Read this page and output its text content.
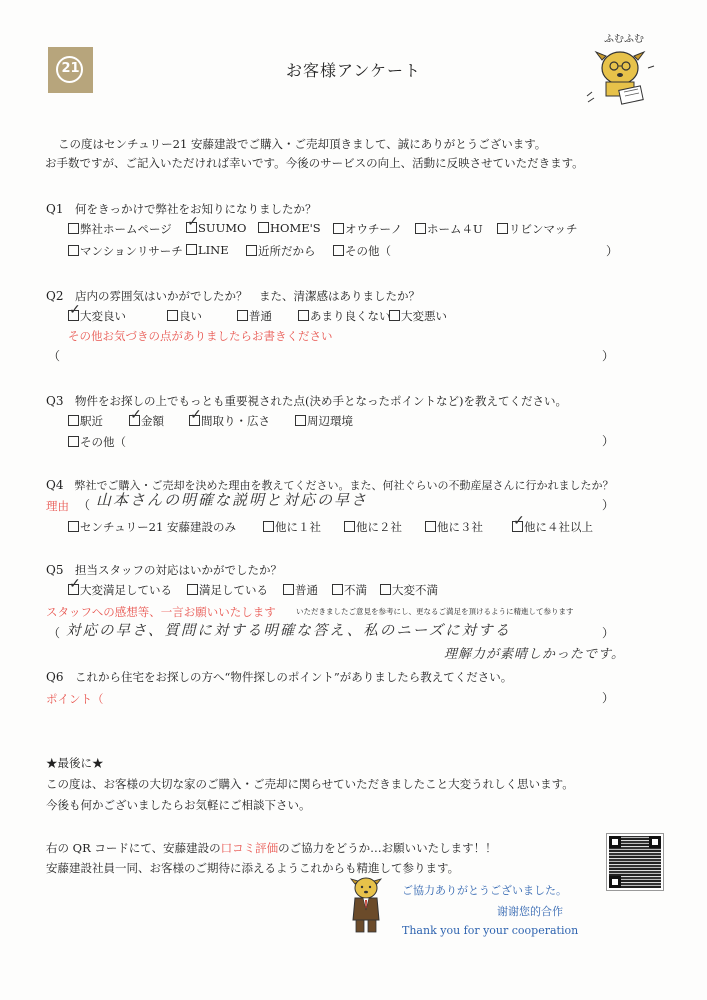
21	お客様アンケート
ふむふむ
この度はセンチュリー21 安藤建設でご購入・ご売却頂きまして、誠にありがとうございます。
お手数ですが、ご記入いただければ幸いです。今後のサービスの向上、活動に反映させていただきます。
Q1　 何をきっかけで弊社をお知りになりましたか？
弊社ホームページ ✓	SUUMO	HOME'S	オウチーノ	ホーム４U	リビンマッチ
マンションリサーチ	LINE	近所だから	その他（	）
Q2　 店内の雰囲気はいかがでしたか？　また、清潔感はありましたか？
✓大変良い	良い	普通	あまり良くない 大変悪い
その他お気づきの点がありましたらお書きください
（	）
Q3　 物件をお探しの上でもっとも重要視された点(決め手となったポイントなど)を教えてください。
駅近 ✓	金額 ✓	間取り・広さ	周辺環境
その他（	）
Q4　 弊社でご購入・ご売却を決めた理由を教えてください。また、何社ぐらいの不動産屋さんに行かれましたか？
理由 （ 山本さんの明確な説明と対応の早さ	）
センチュリー21 安藤建設のみ	他に１社	他に２社	他に３社 ✓	他に４社以上
Q5　 担当スタッフの対応はいかがでしたか？
✓大変満足している	満足している	普通	不満	大変不満
スタッフへの感想等、一言お願いいたします	いただきましたご意見を参考にし、更なるご満足を頂けるように精進して参ります
（ 対応の早さ、質問に対する明確な答え、私のニーズに対する	）
理解力が素晴しかったです。
Q6　 これから住宅をお探しの方へ“物件探しのポイント”がありましたら教えてください。
ポイント（	）
★最後に★
この度は、お客様の大切な家のご購入・ご売却に関らせていただきましたこと大変うれしく思います。
今後も何かございましたらお気軽にご相談下さい。
右の QR コードにて、安藤建設の口コミ評価のご協力をどうか…お願いいたします！！
安藤建設社員一同、お客様のご期待に添えるようこれからも精進して参ります。
ご協力ありがとうございました。
谢谢您的合作
Thank you for your cooperation
